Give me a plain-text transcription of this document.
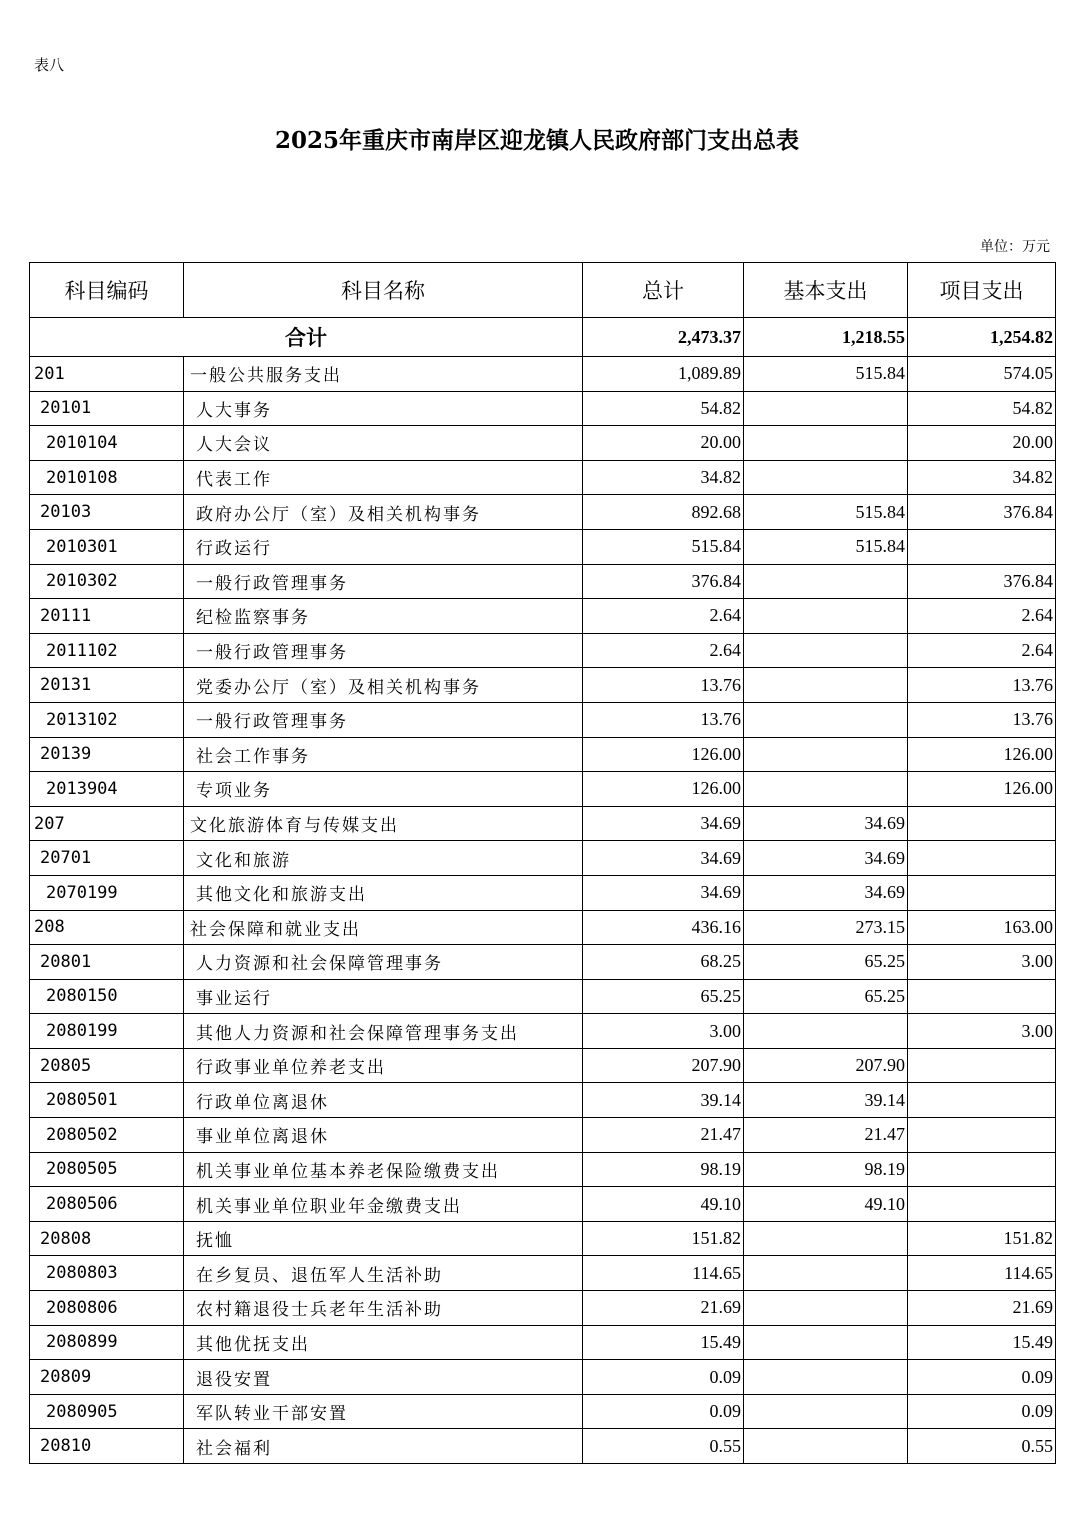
表八
2025年重庆市南岸区迎龙镇人民政府部门支出总表
单位：万元
科目编码	科目名称	总计	基本支出	项目支出
合计		2,473.37	1,218.55	1,254.82
201	一般公共服务支出	1,089.89	515.84	574.05
20101	人大事务	54.82		54.82
2010104	人大会议	20.00		20.00
2010108	代表工作	34.82		34.82
20103	政府办公厅（室）及相关机构事务	892.68	515.84	376.84
2010301	行政运行	515.84	515.84	
2010302	一般行政管理事务	376.84		376.84
20111	纪检监察事务	2.64		2.64
2011102	一般行政管理事务	2.64		2.64
20131	党委办公厅（室）及相关机构事务	13.76		13.76
2013102	一般行政管理事务	13.76		13.76
20139	社会工作事务	126.00		126.00
2013904	专项业务	126.00		126.00
207	文化旅游体育与传媒支出	34.69	34.69	
20701	文化和旅游	34.69	34.69	
2070199	其他文化和旅游支出	34.69	34.69	
208	社会保障和就业支出	436.16	273.15	163.00
20801	人力资源和社会保障管理事务	68.25	65.25	3.00
2080150	事业运行	65.25	65.25	
2080199	其他人力资源和社会保障管理事务支出	3.00		3.00
20805	行政事业单位养老支出	207.90	207.90	
2080501	行政单位离退休	39.14	39.14	
2080502	事业单位离退休	21.47	21.47	
2080505	机关事业单位基本养老保险缴费支出	98.19	98.19	
2080506	机关事业单位职业年金缴费支出	49.10	49.10	
20808	抚恤	151.82		151.82
2080803	在乡复员、退伍军人生活补助	114.65		114.65
2080806	农村籍退役士兵老年生活补助	21.69		21.69
2080899	其他优抚支出	15.49		15.49
20809	退役安置	0.09		0.09
2080905	军队转业干部安置	0.09		0.09
20810	社会福利	0.55		0.55
